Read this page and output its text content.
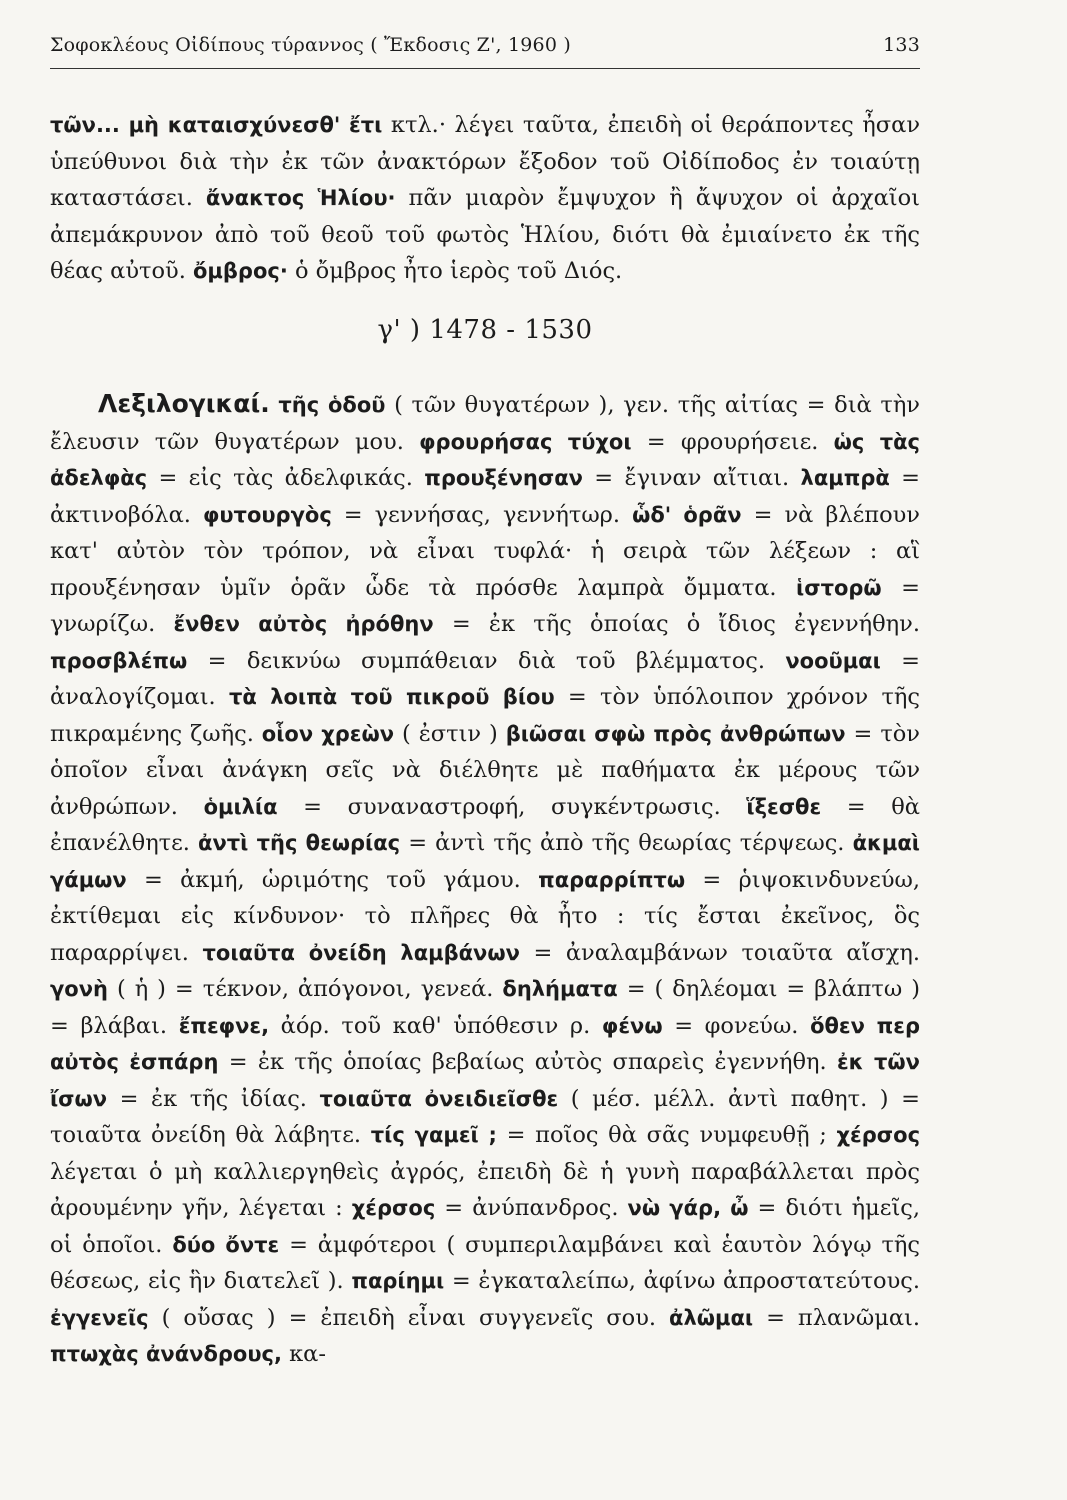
Σοφοκλέους Οἰδίπους τύραννος ( Ἔκδοσις Ζ', 1960 )	133

τῶν... μὴ καταισχύνεσθ' ἔτι κτλ.· λέγει ταῦτα, ἐπειδὴ οἱ θεράποντες ἦσαν ὑπεύθυνοι διὰ τὴν ἐκ τῶν ἀνακτόρων ἔξοδον τοῦ Οἰδίποδος ἐν τοιαύτῃ καταστάσει. ἄνακτος Ἡλίου· πᾶν μιαρὸν ἔμψυχον ἢ ἄψυχον οἱ ἀρχαῖοι ἀπεμάκρυνον ἀπὸ τοῦ θεοῦ τοῦ φωτὸς Ἡλίου, διότι θὰ ἐμιαίνετο ἐκ τῆς θέας αὐτοῦ. ὄμβρος· ὁ ὄμβρος ἦτο ἱερὸς τοῦ Διός.

γ' ) 1478 - 1530

Λεξιλογικαί. τῆς ὁδοῦ ( τῶν θυγατέρων ), γεν. τῆς αἰτίας = διὰ τὴν ἔλευσιν τῶν θυγατέρων μου. φρουρήσας τύχοι = φρουρήσειε. ὡς τὰς ἀδελφὰς = εἰς τὰς ἀδελφικάς. προυξένησαν = ἔγιναν αἴτιαι. λαμπρὰ = ἀκτινοβόλα. φυτουργὸς = γεννήσας, γεννήτωρ. ὧδ' ὁρᾶν = νὰ βλέπουν κατ' αὐτὸν τὸν τρόπον, νὰ εἶναι τυφλά· ἡ σειρὰ τῶν λέξεων : αἳ προυξένησαν ὑμῖν ὁρᾶν ὧδε τὰ πρόσθε λαμπρὰ ὄμματα. ἱστορῶ = γνωρίζω. ἔνθεν αὐτὸς ἠρόθην = ἐκ τῆς ὁποίας ὁ ἴδιος ἐγεννήθην. προσβλέπω = δεικνύω συμπάθειαν διὰ τοῦ βλέμματος. νοοῦμαι = ἀναλογίζομαι. τὰ λοιπὰ τοῦ πικροῦ βίου = τὸν ὑπόλοιπον χρόνον τῆς πικραμένης ζωῆς. οἷον χρεὼν ( ἐστιν ) βιῶσαι σφὼ πρὸς ἀνθρώπων = τὸν ὁποῖον εἶναι ἀνάγκη σεῖς νὰ διέλθητε μὲ παθήματα ἐκ μέρους τῶν ἀνθρώπων. ὁμιλία = συναναστροφή, συγκέντρωσις. ἵξεσθε = θὰ ἐπανέλθητε. ἀντὶ τῆς θεωρίας = ἀντὶ τῆς ἀπὸ τῆς θεωρίας τέρψεως. ἀκμαὶ γάμων = ἀκμή, ὡριμότης τοῦ γάμου. παραρρίπτω = ῥιψοκινδυνεύω, ἐκτίθεμαι εἰς κίνδυνον· τὸ πλῆρες θὰ ἦτο : τίς ἔσται ἐκεῖνος, ὃς παραρρίψει. τοιαῦτα ὀνείδη λαμβάνων = ἀναλαμβάνων τοιαῦτα αἴσχη. γονὴ ( ἡ ) = τέκνον, ἀπόγονοι, γενεά. δηλήματα = ( δηλέομαι = βλάπτω ) = βλάβαι. ἔπεφνε, ἀόρ. τοῦ καθ' ὑπόθεσιν ρ. φένω = φονεύω. ὅθεν περ αὐτὸς ἐσπάρη = ἐκ τῆς ὁποίας βεβαίως αὐτὸς σπαρεὶς ἐγεννήθη. ἐκ τῶν ἴσων = ἐκ τῆς ἰδίας. τοιαῦτα ὀνειδιεῖσθε ( μέσ. μέλλ. ἀντὶ παθητ. ) = τοιαῦτα ὀνείδη θὰ λάβητε. τίς γαμεῖ ; = ποῖος θὰ σᾶς νυμφευθῇ ; χέρσος λέγεται ὁ μὴ καλλιεργηθεὶς ἀγρός, ἐπειδὴ δὲ ἡ γυνὴ παραβάλλεται πρὸς ἀρουμένην γῆν, λέγεται : χέρσος = ἀνύπανδρος. νὼ γάρ, ὦ = διότι ἡμεῖς, οἱ ὁποῖοι. δύο ὄντε = ἀμφότεροι ( συμπεριλαμβάνει καὶ ἑαυτὸν λόγῳ τῆς θέσεως, εἰς ἣν διατελεῖ ). παρίημι = ἐγκαταλείπω, ἀφίνω ἀπροστατεύτους. ἐγγενεῖς ( οὔσας ) = ἐπειδὴ εἶναι συγγενεῖς σου. ἀλῶμαι = πλανῶμαι. πτωχὰς ἀνάνδρους, κα-
